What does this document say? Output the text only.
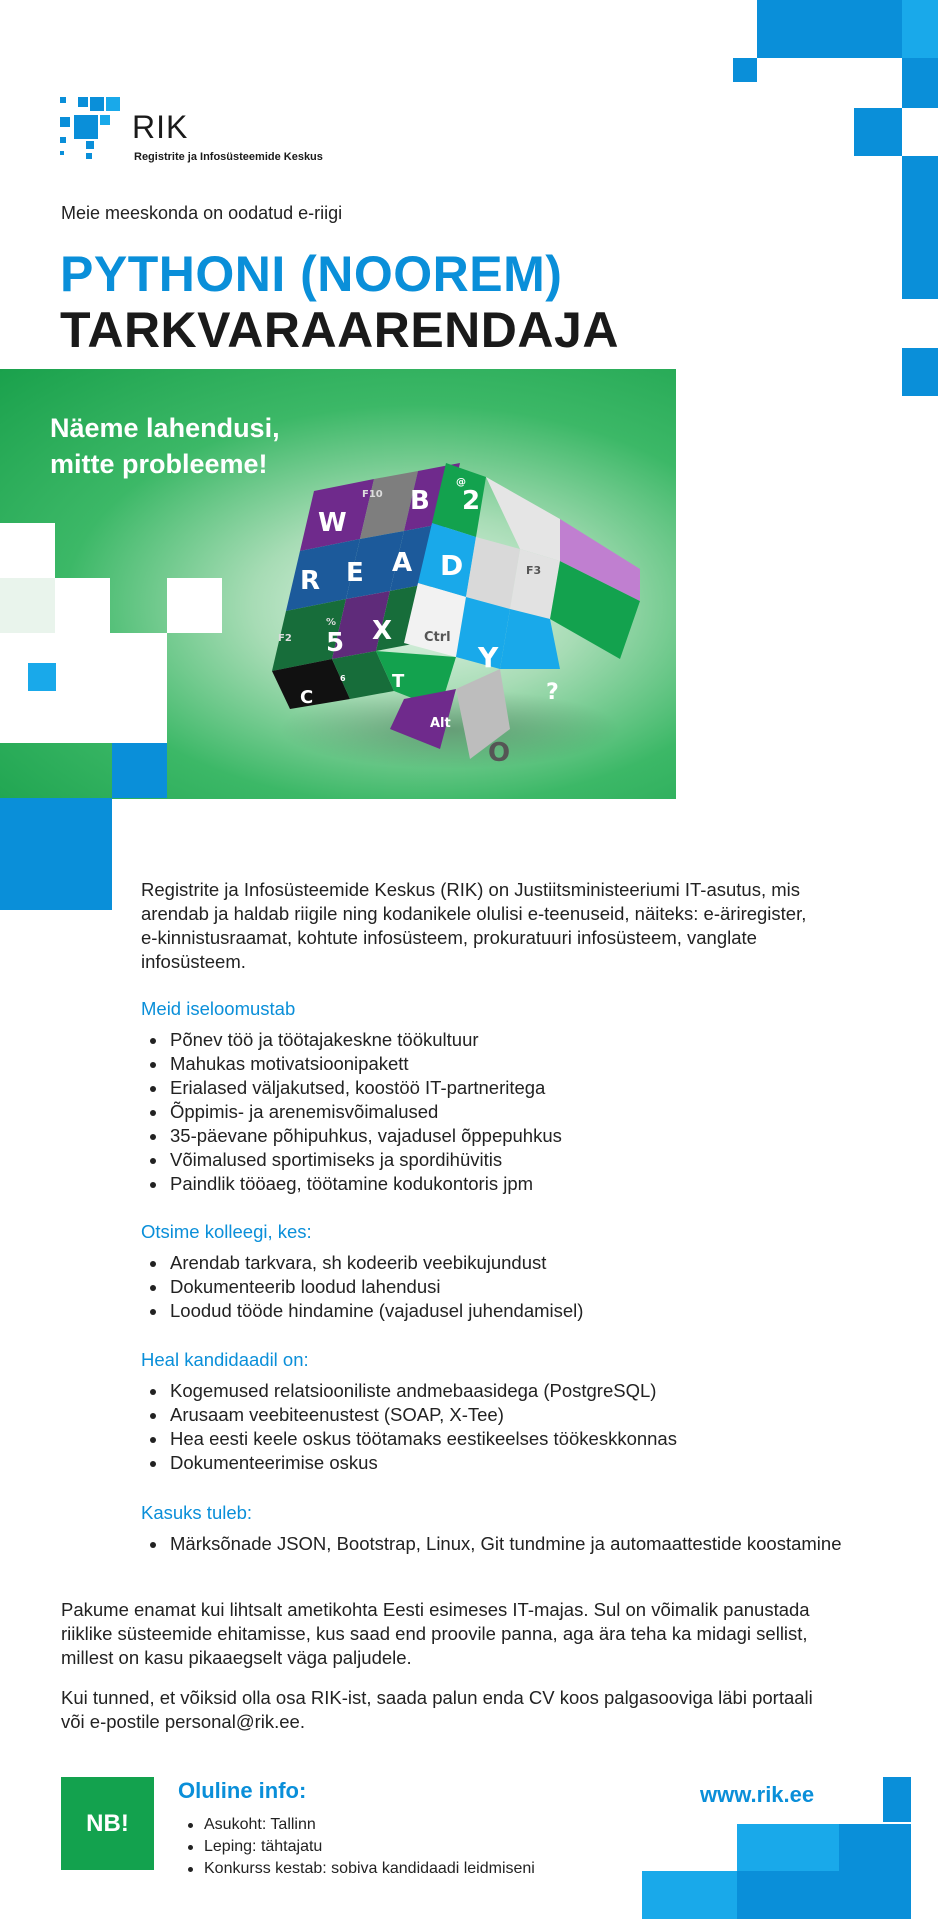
RIK
Registrite ja Infosüsteemide Keskus
Meie meeskonda on oodatud e-riigi
PYTHONI (NOOREM)
TARKVARAARENDAJA
W
F10 B
@
2
R E A D	F3
F2
%
5 X Ctrl
Y
?
Alt
O
T
C
6
Näeme lahendusi,
mitte probleeme!
Registrite ja Infosüsteemide Keskus (RIK) on Justiitsministeeriumi IT-asutus, mis arendab ja haldab riigile ning kodanikele olulisi e-teenuseid, näiteks: e-äriregister, e-kinnistusraamat, kohtute infosüsteem, prokuratuuri infosüsteem, vanglate infosüsteem.
Meid iseloomustab
Põnev töö ja töötajakeskne töökultuur
Mahukas motivatsioonipakett
Erialased väljakutsed, koostöö IT-partneritega
Õppimis- ja arenemisvõimalused
35-päevane põhipuhkus, vajadusel õppepuhkus
Võimalused sportimiseks ja spordihüvitis
Paindlik tööaeg, töötamine kodukontoris jpm
Otsime kolleegi, kes:
Arendab tarkvara, sh kodeerib veebikujundust
Dokumenteerib loodud lahendusi
Loodud tööde hindamine (vajadusel juhendamisel)
Heal kandidaadil on:
Kogemused relatsiooniliste andmebaasidega (PostgreSQL)
Arusaam veebiteenustest (SOAP, X-Tee)
Hea eesti keele oskus töötamaks eestikeelses töökeskkonnas
Dokumenteerimise oskus
Kasuks tuleb:
Märksõnade JSON, Bootstrap, Linux, Git tundmine ja automaattestide koostamine
Pakume enamat kui lihtsalt ametikohta Eesti esimeses IT-majas. Sul on võimalik panustada riiklike süsteemide ehitamisse, kus saad end proovile panna, aga ära teha ka midagi sellist, millest on kasu pikaaegselt väga paljudele.
Kui tunned, et võiksid olla osa RIK-ist, saada palun enda CV koos palgasooviga läbi portaali või e-postile personal@rik.ee.
NB!
Oluline info:
Asukoht: Tallinn
Leping: tähtajatu
Konkurss kestab: sobiva kandidaadi leidmiseni
www.rik.ee
